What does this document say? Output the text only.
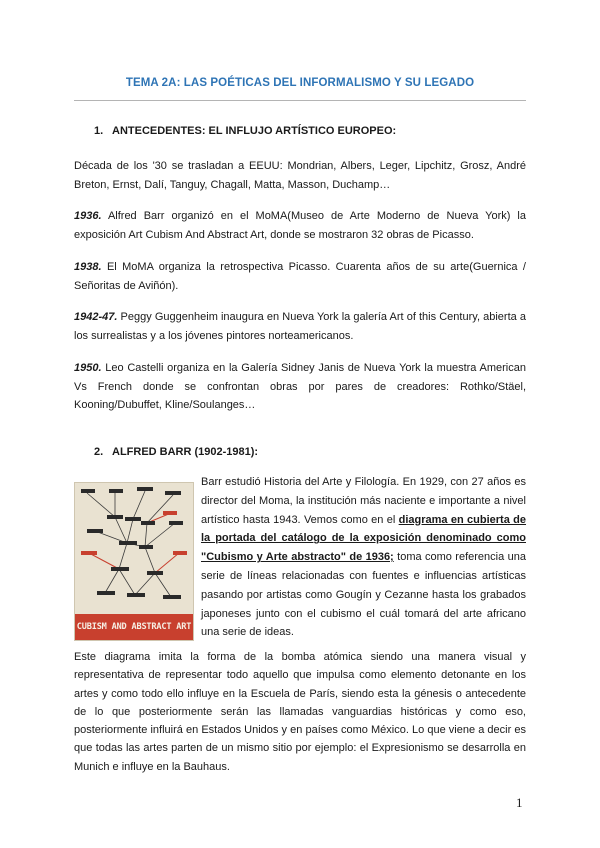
TEMA 2A: LAS POÉTICAS DEL INFORMALISMO Y SU LEGADO
1. ANTECEDENTES: EL INFLUJO ARTÍSTICO EUROPEO:

Década de los '30 se trasladan a EEUU: Mondrian, Albers, Leger, Lipchitz, Grosz, André Breton, Ernst, Dalí, Tanguy, Chagall, Matta, Masson, Duchamp…

1936. Alfred Barr organizó en el MoMA(Museo de Arte Moderno de Nueva York) la exposición Art Cubism And Abstract Art, donde se mostraron 32 obras de Picasso.

1938. El MoMA organiza la retrospectiva Picasso. Cuarenta años de su arte(Guernica / Señoritas de Aviñón).

1942-47. Peggy Guggenheim inaugura en Nueva York la galería Art of this Century, abierta a los surrealistas y a los jóvenes pintores norteamericanos.

1950. Leo Castelli organiza en la Galería Sidney Janis de Nueva York la muestra American Vs French donde se confrontan obras por pares de creadores: Rothko/Stäel, Kooning/Dubuffet, Kline/Soulanges…

2. ALFRED BARR (1902-1981):
CUBISM AND ABSTRACT ART

Barr estudió Historia del Arte y Filología. En 1929, con 27 años es director del Moma, la institución más naciente e importante a nivel artístico hasta 1943. Vemos como en el diagrama en cubierta de la portada del catálogo de la exposición denominado como "Cubismo y Arte abstracto" de 1936; toma como referencia una serie de líneas relacionadas con fuentes e influencias artísticas pasando por artistas como Gougín y Cezanne hasta los grabados japoneses junto con el cubismo el cuál tomará del arte africano una serie de ideas.

Este diagrama imita la forma de la bomba atómica siendo una manera visual y representativa de representar todo aquello que impulsa como elemento detonante en los artes y como todo ello influye en la Escuela de París, siendo esta la génesis o antecedente de lo que posteriormente serán las llamadas vanguardias históricas y como eso, posteriormente influirá en Estados Unidos y en países como México. Lo que viene a decir es que todas las artes parten de un mismo sitio por ejemplo: el Expresionismo se desarrolla en Munich e influye en la Bauhaus.

1
